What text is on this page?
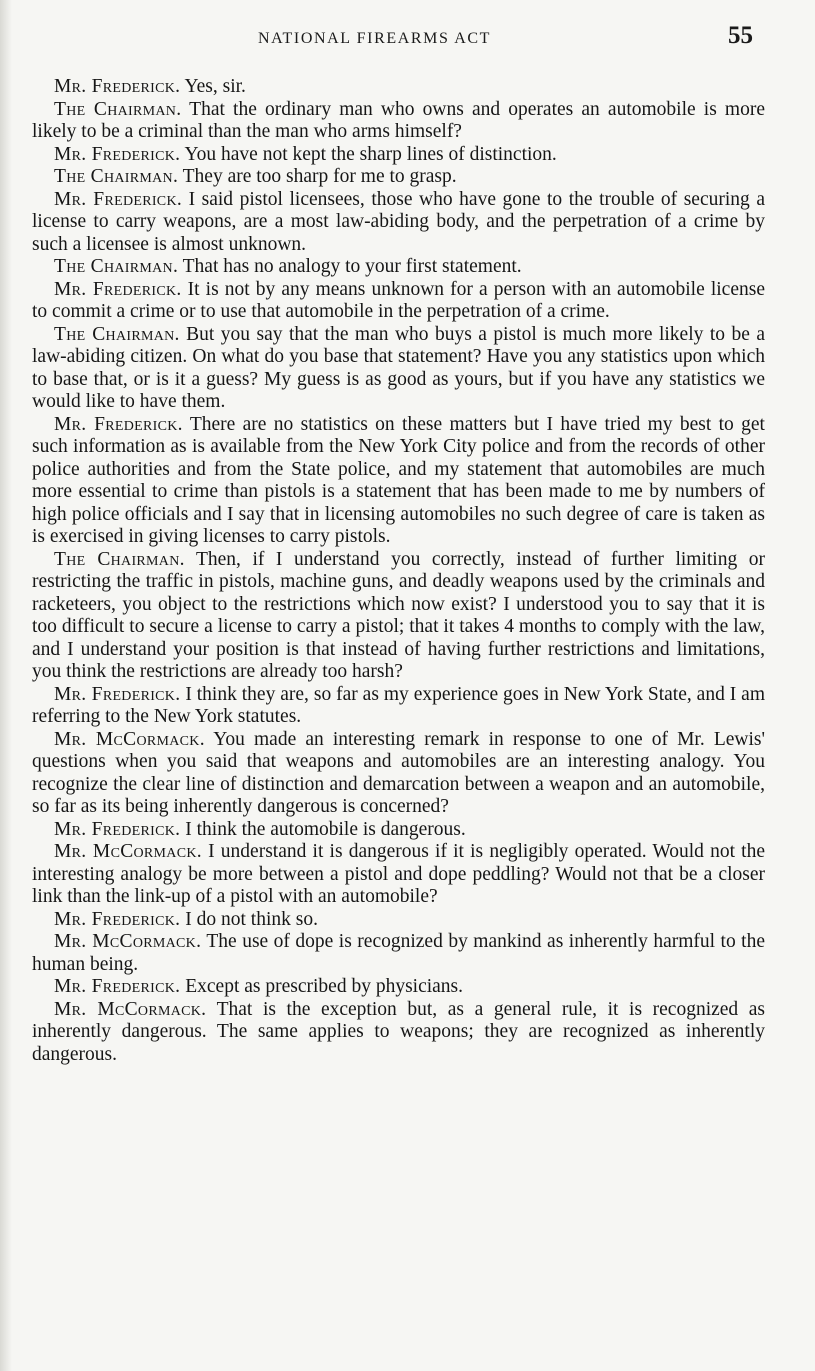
NATIONAL FIREARMS ACT	55

Mr. Frederick. Yes, sir.

The Chairman. That the ordinary man who owns and operates an automobile is more likely to be a criminal than the man who arms himself?

Mr. Frederick. You have not kept the sharp lines of distinction.

The Chairman. They are too sharp for me to grasp.

Mr. Frederick. I said pistol licensees, those who have gone to the trouble of securing a license to carry weapons, are a most law-abiding body, and the perpetration of a crime by such a licensee is almost unknown.

The Chairman. That has no analogy to your first statement.

Mr. Frederick. It is not by any means unknown for a person with an automobile license to commit a crime or to use that automobile in the perpetration of a crime.

The Chairman. But you say that the man who buys a pistol is much more likely to be a law-abiding citizen. On what do you base that statement? Have you any statistics upon which to base that, or is it a guess? My guess is as good as yours, but if you have any statistics we would like to have them.

Mr. Frederick. There are no statistics on these matters but I have tried my best to get such information as is available from the New York City police and from the records of other police authorities and from the State police, and my statement that automobiles are much more essential to crime than pistols is a statement that has been made to me by numbers of high police officials and I say that in licensing automobiles no such degree of care is taken as is exercised in giving licenses to carry pistols.

The Chairman. Then, if I understand you correctly, instead of further limiting or restricting the traffic in pistols, machine guns, and deadly weapons used by the criminals and racketeers, you object to the restrictions which now exist? I understood you to say that it is too difficult to secure a license to carry a pistol; that it takes 4 months to comply with the law, and I understand your position is that instead of having further restrictions and limitations, you think the restrictions are already too harsh?

Mr. Frederick. I think they are, so far as my experience goes in New York State, and I am referring to the New York statutes.

Mr. McCormack. You made an interesting remark in response to one of Mr. Lewis' questions when you said that weapons and automobiles are an interesting analogy. You recognize the clear line of distinction and demarcation between a weapon and an automobile, so far as its being inherently dangerous is concerned?

Mr. Frederick. I think the automobile is dangerous.

Mr. McCormack. I understand it is dangerous if it is negligibly operated. Would not the interesting analogy be more between a pistol and dope peddling? Would not that be a closer link than the link-up of a pistol with an automobile?

Mr. Frederick. I do not think so.

Mr. McCormack. The use of dope is recognized by mankind as inherently harmful to the human being.

Mr. Frederick. Except as prescribed by physicians.

Mr. McCormack. That is the exception but, as a general rule, it is recognized as inherently dangerous. The same applies to weapons; they are recognized as inherently dangerous.
